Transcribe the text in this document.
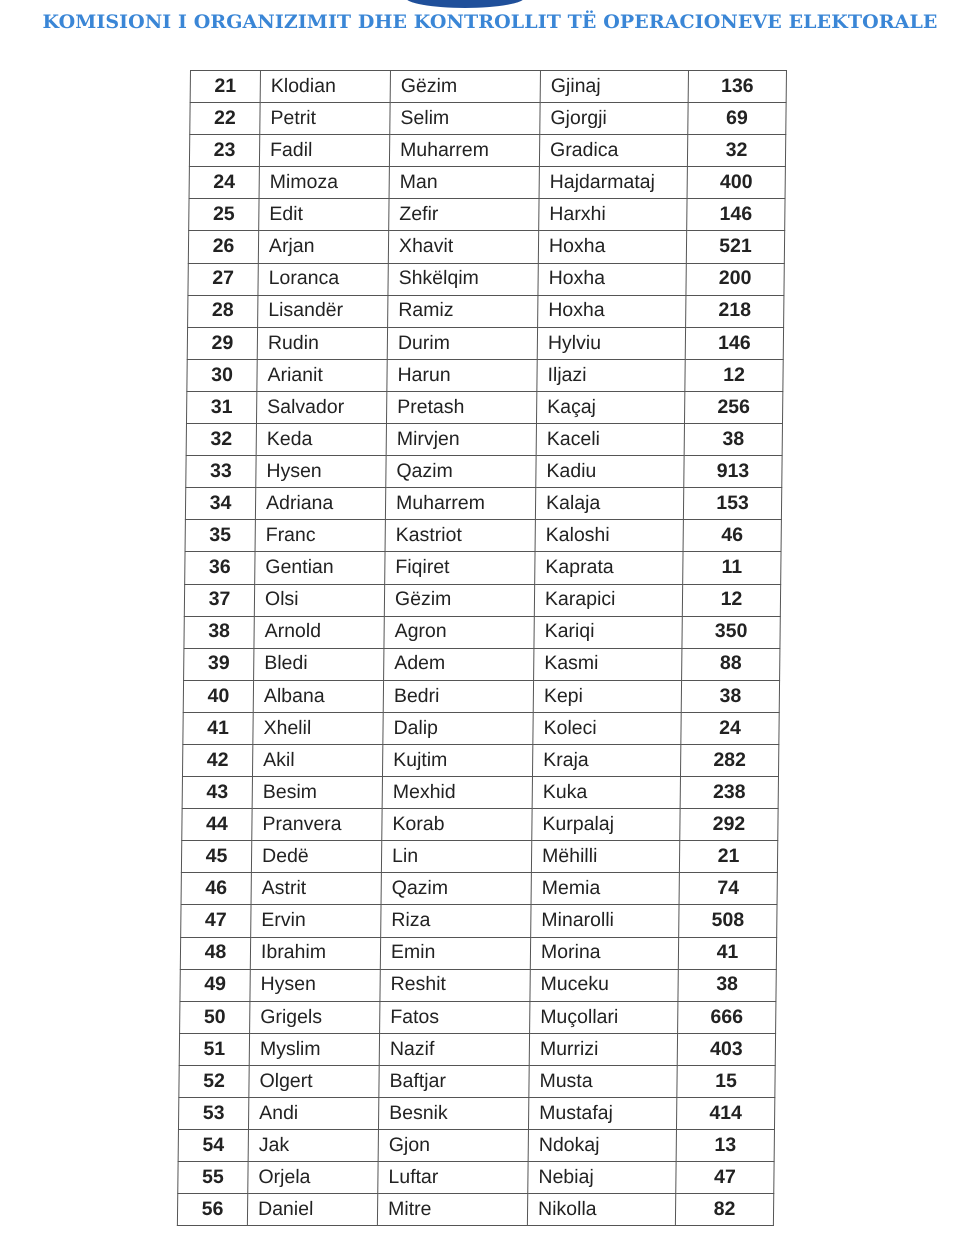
KOMISIONI I ORGANIZIMIT DHE KONTROLLIT TË OPERACIONEVE ELEKTORALE
21	Klodian	Gëzim	Gjinaj	136
22	Petrit	Selim	Gjorgji	69
23	Fadil	Muharrem	Gradica	32
24	Mimoza	Man	Hajdarmataj	400
25	Edit	Zefir	Harxhi	146
26	Arjan	Xhavit	Hoxha	521
27	Loranca	Shkëlqim	Hoxha	200
28	Lisandër	Ramiz	Hoxha	218
29	Rudin	Durim	Hylviu	146
30	Arianit	Harun	Iljazi	12
31	Salvador	Pretash	Kaçaj	256
32	Keda	Mirvjen	Kaceli	38
33	Hysen	Qazim	Kadiu	913
34	Adriana	Muharrem	Kalaja	153
35	Franc	Kastriot	Kaloshi	46
36	Gentian	Fiqiret	Kaprata	11
37	Olsi	Gëzim	Karapici	12
38	Arnold	Agron	Kariqi	350
39	Bledi	Adem	Kasmi	88
40	Albana	Bedri	Kepi	38
41	Xhelil	Dalip	Koleci	24
42	Akil	Kujtim	Kraja	282
43	Besim	Mexhid	Kuka	238
44	Pranvera	Korab	Kurpalaj	292
45	Dedë	Lin	Mëhilli	21
46	Astrit	Qazim	Memia	74
47	Ervin	Riza	Minarolli	508
48	Ibrahim	Emin	Morina	41
49	Hysen	Reshit	Muceku	38
50	Grigels	Fatos	Muçollari	666
51	Myslim	Nazif	Murrizi	403
52	Olgert	Baftjar	Musta	15
53	Andi	Besnik	Mustafaj	414
54	Jak	Gjon	Ndokaj	13
55	Orjela	Luftar	Nebiaj	47
56	Daniel	Mitre	Nikolla	82
